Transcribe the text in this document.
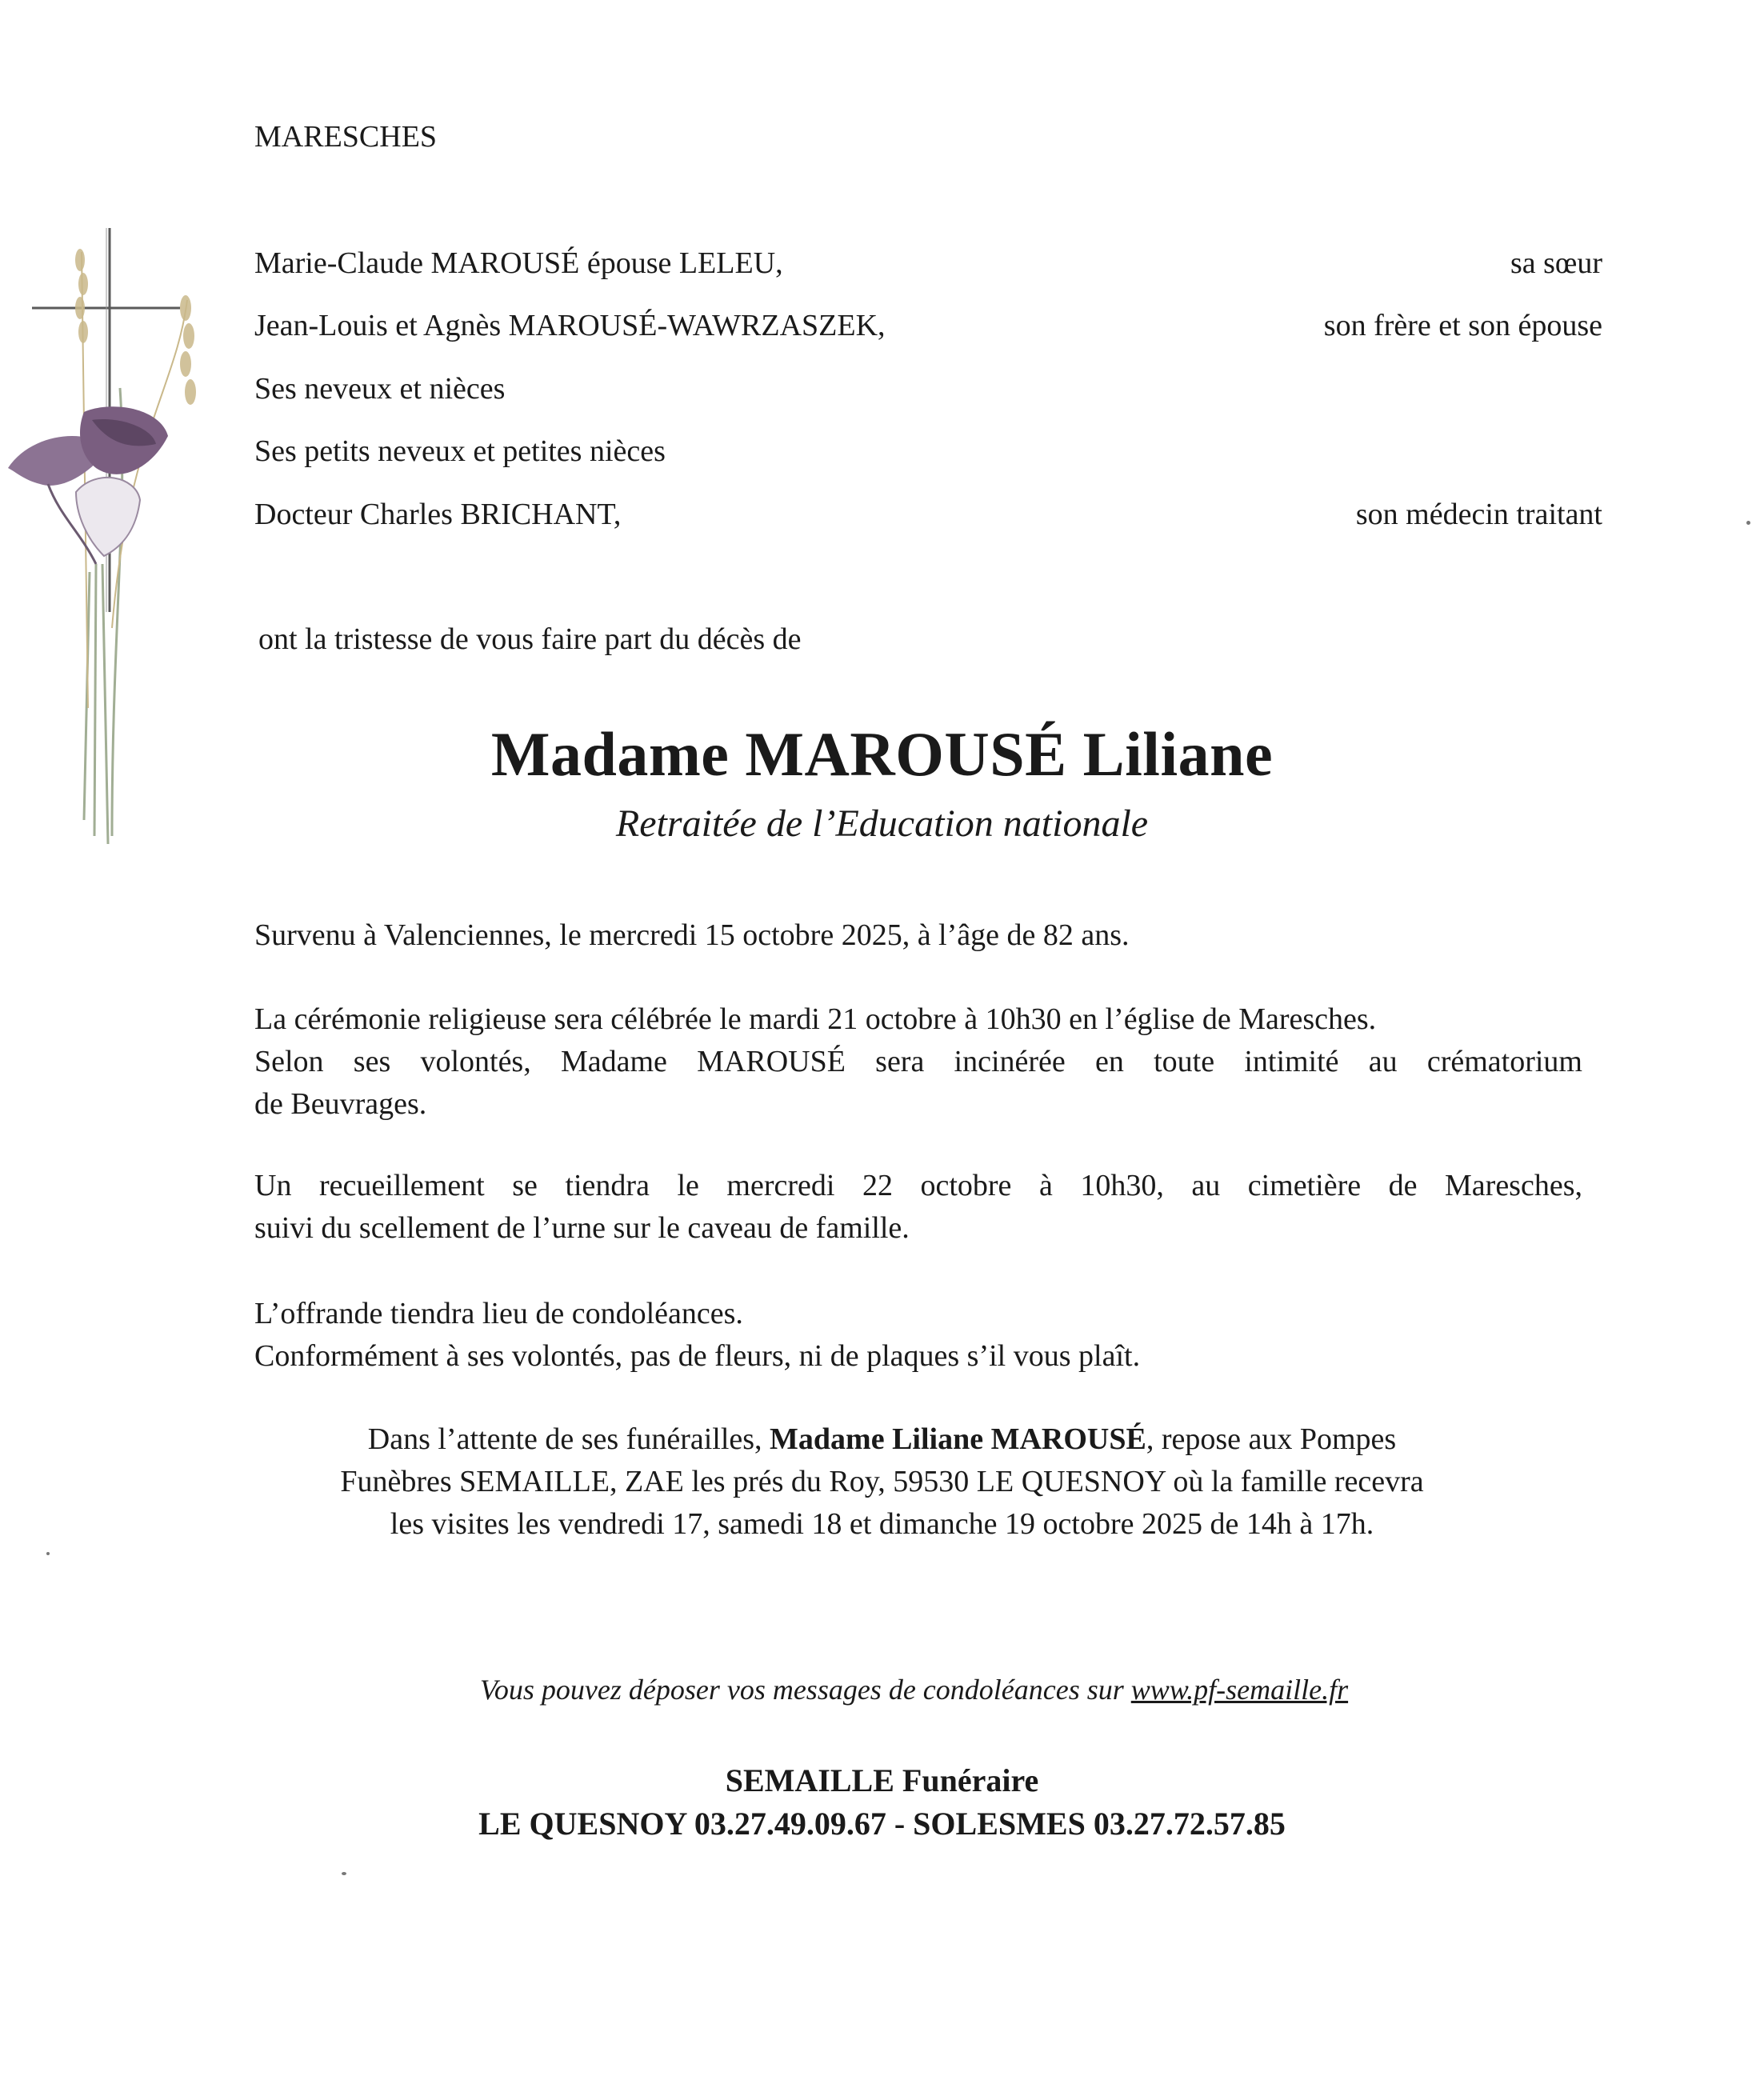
MARESCHES
Marie-Claude MAROUSÉ épouse LELEU,	sa sœur
Jean-Louis et Agnès MAROUSÉ-WAWRZASZEK,	son frère et son épouse
Ses neveux et nièces
Ses petits neveux et petites nièces
Docteur Charles BRICHANT,	son médecin traitant
ont la tristesse de vous faire part du décès de
Madame MAROUSÉ Liliane
Retraitée de l’Education nationale
Survenu à Valenciennes, le mercredi 15 octobre 2025, à l’âge de 82 ans.

La cérémonie religieuse sera célébrée le mardi 21 octobre à 10h30 en l’église de Maresches.

Selon ses volontés, Madame MAROUSÉ sera incinérée en toute intimité au crématorium

de Beuvrages.

Un recueillement se tiendra le mercredi 22 octobre à 10h30, au cimetière de Maresches,

suivi du scellement de l’urne sur le caveau de famille.

L’offrande tiendra lieu de condoléances.

Conformément à ses volontés, pas de fleurs, ni de plaques s’il vous plaît.

Dans l’attente de ses funérailles, Madame Liliane MAROUSÉ, repose aux Pompes
Funèbres SEMAILLE, ZAE les prés du Roy, 59530 LE QUESNOY où la famille recevra
les visites les vendredi 17, samedi 18 et dimanche 19 octobre 2025 de 14h à 17h.
Vous pouvez déposer vos messages de condoléances sur www.pf-semaille.fr
SEMAILLE Funéraire
LE QUESNOY 03.27.49.09.67 - SOLESMES 03.27.72.57.85
